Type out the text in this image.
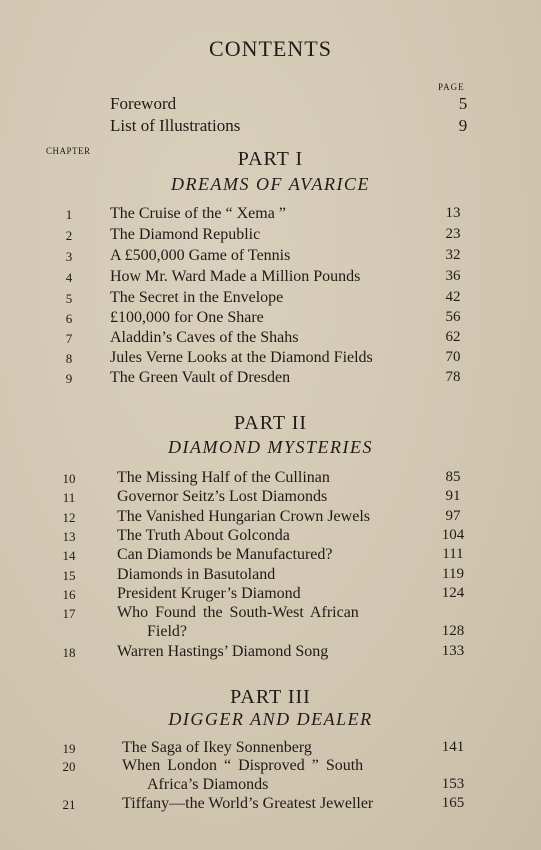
CONTENTS
PAGE
Foreword	5
List of Illustrations	9
CHAPTER	PART I
DREAMS OF AVARICE
1	The Cruise of the “ Xema ”	13
2	The Diamond Republic	23
3	A £500,000 Game of Tennis	32
4	How Mr. Ward Made a Million Pounds	36
5	The Secret in the Envelope	42
6	£100,000 for One Share	56
7	Aladdin’s Caves of the Shahs	62
8	Jules Verne Looks at the Diamond Fields	70
9	The Green Vault of Dresden	78
PART II
DIAMOND MYSTERIES
10	The Missing Half of the Cullinan	85
11	Governor Seitz’s Lost Diamonds	91
12	The Vanished Hungarian Crown Jewels	97
13	The Truth About Golconda	104
14	Can Diamonds be Manufactured?	111
15	Diamonds in Basutoland	119
16	President Kruger’s Diamond	124
17	Who Found the South-West African
Field?	128
18	Warren Hastings’ Diamond Song	133
PART III
DIGGER AND DEALER
19	The Saga of Ikey Sonnenberg	141
20	When London “ Disproved ” South
Africa’s Diamonds	153
21	Tiffany—the World’s Greatest Jeweller	165
